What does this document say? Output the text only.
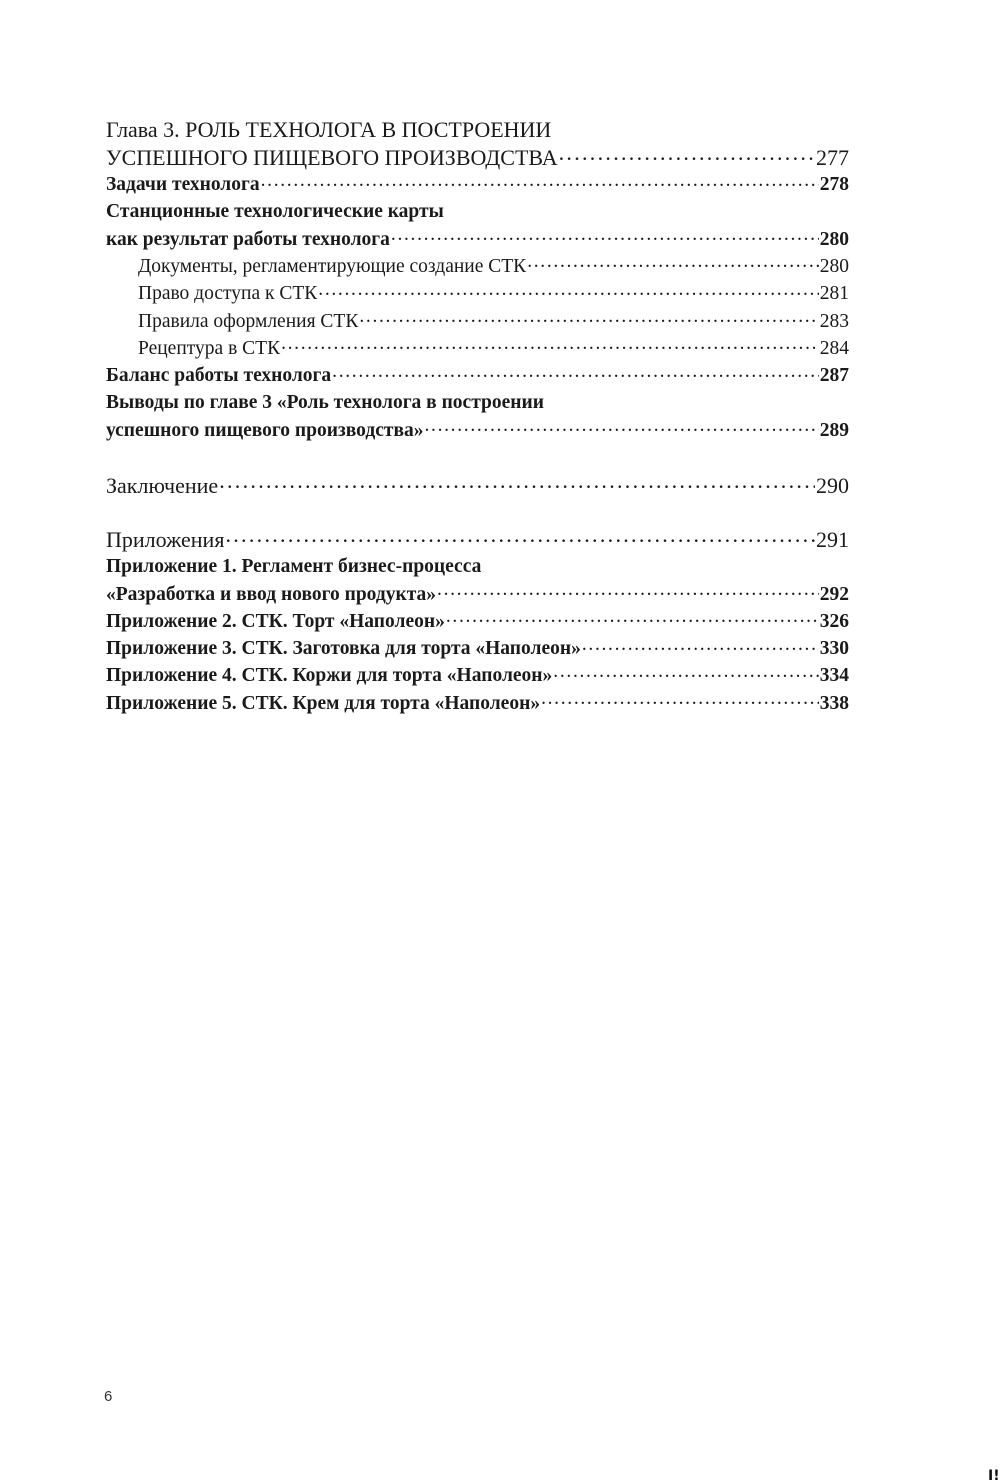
Глава 3. РОЛЬ ТЕХНОЛОГА В ПОСТРОЕНИИ
УСПЕШНОГО ПИЩЕВОГО ПРОИЗВОДСТВА . . .	277
Задачи технолога . . .	278
Станционные технологические карты
как результат работы технолога . . .	280
Документы, регламентирующие создание СТК . . .	280
Право доступа к СТК . . .	281
Правила оформления СТК . . .	283
Рецептура в СТК . . .	284
Баланс работы технолога . . .	287
Выводы по главе 3 «Роль технолога в построении
успешного пищевого производства» . . .	289
Заключение . . .	290
Приложения . . .	291
Приложение 1. Регламент бизнес-процесса
«Разработка и ввод нового продукта» . . .	292
Приложение 2. СТК. Торт «Наполеон» . . .	326
Приложение 3. СТК. Заготовка для торта «Наполеон» . . .	330
Приложение 4. СТК. Коржи для торта «Наполеон» . . .	334
Приложение 5. СТК. Крем для торта «Наполеон» . . .	338
6
I!
